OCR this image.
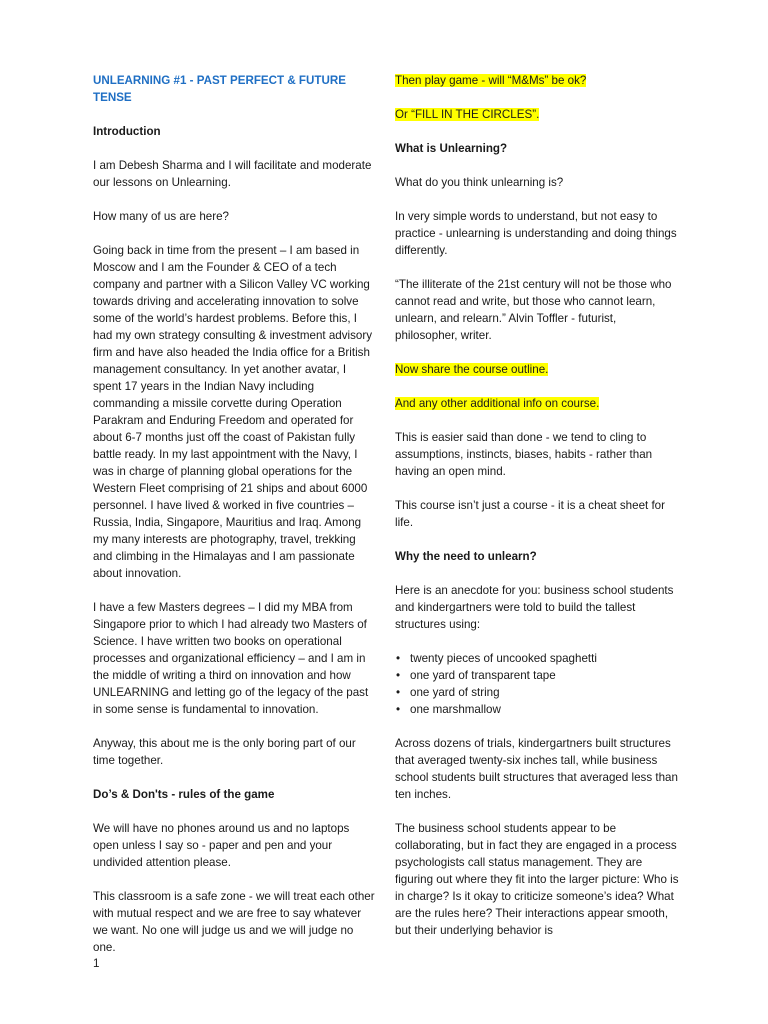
UNLEARNING #1 - PAST PERFECT & FUTURE TENSE

Introduction

I am Debesh Sharma and I will facilitate and moderate our lessons on Unlearning.

How many of us are here?

Going back in time from the present – I am based in Moscow and I am the Founder & CEO of a tech company and partner with a Silicon Valley VC working towards driving and accelerating innovation to solve some of the world’s hardest problems. Before this, I had my own strategy consulting & investment advisory firm and have also headed the India office for a British management consultancy. In yet another avatar, I spent 17 years in the Indian Navy including commanding a missile corvette during Operation Parakram and Enduring Freedom and operated for about 6-7 months just off the coast of Pakistan fully battle ready. In my last appointment with the Navy, I was in charge of planning global operations for the Western Fleet comprising of 21 ships and about 6000 personnel. I have lived & worked in five countries – Russia, India, Singapore, Mauritius and Iraq. Among my many interests are photography, travel, trekking and climbing in the Himalayas and I am passionate about innovation.

I have a few Masters degrees – I did my MBA from Singapore prior to which I had already two Masters of Science. I have written two books on operational processes and organizational efficiency – and I am in the middle of writing a third on innovation and how UNLEARNING and letting go of the legacy of the past in some sense is fundamental to innovation.

Anyway, this about me is the only boring part of our time together.

Do’s & Don'ts - rules of the game

We will have no phones around us and no laptops open unless I say so - paper and pen and your undivided attention please.

This classroom is a safe zone - we will treat each other with mutual respect and we are free to say whatever we want. No one will judge us and we will judge no one.

Then play game - will “M&Ms” be ok?

Or “FILL IN THE CIRCLES”.

What is Unlearning?

What do you think unlearning is?

In very simple words to understand, but not easy to practice - unlearning is understanding and doing things differently.

“The illiterate of the 21st century will not be those who cannot read and write, but those who cannot learn, unlearn, and relearn.” Alvin Toffler - futurist, philosopher, writer.

Now share the course outline.

And any other additional info on course.

This is easier said than done - we tend to cling to assumptions, instincts, biases, habits - rather than having an open mind.

This course isn’t just a course - it is a cheat sheet for life.

Why the need to unlearn?

Here is an anecdote for you: business school students and kindergartners were told to build the tallest structures using:

• twenty pieces of uncooked spaghetti
• one yard of transparent tape
• one yard of string
• one marshmallow

Across dozens of trials, kindergartners built structures that averaged twenty-six inches tall, while business school students built structures that averaged less than ten inches.

The business school students appear to be collaborating, but in fact they are engaged in a process psychologists call status management. They are figuring out where they fit into the larger picture: Who is in charge? Is it okay to criticize someone’s idea? What are the rules here? Their interactions appear smooth, but their underlying behavior is

1
